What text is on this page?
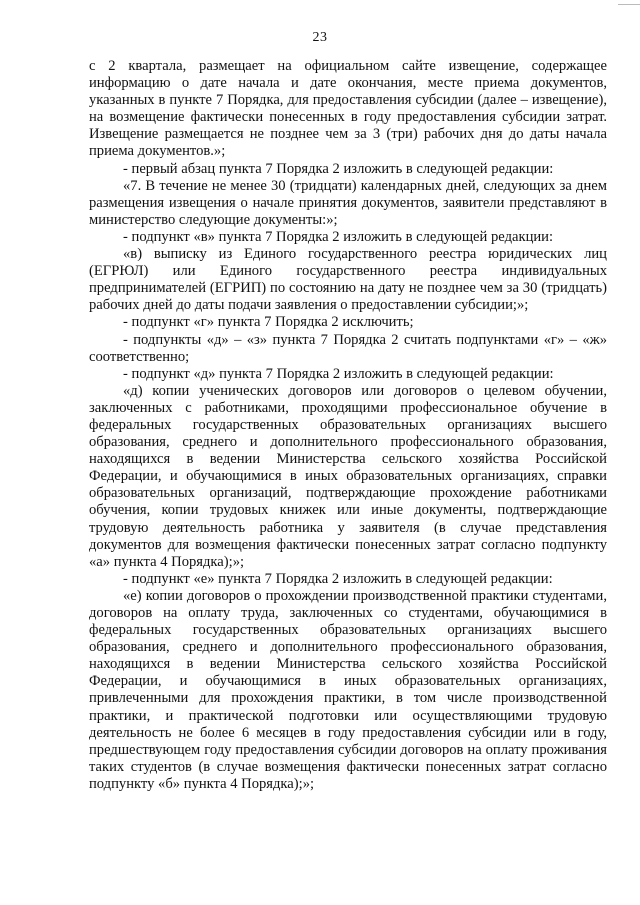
23

с 2 квартала, размещает на официальном сайте извещение, содержащее информацию о дате начала и дате окончания, месте приема документов, указанных в пункте 7 Порядка, для предоставления субсидии (далее – извещение), на возмещение фактически понесенных в году предоставления субсидии затрат. Извещение размещается не позднее чем за 3 (три) рабочих дня до даты начала приема документов.»;

- первый абзац пункта 7 Порядка 2 изложить в следующей редакции:

«7. В течение не менее 30 (тридцати) календарных дней, следующих за днем размещения извещения о начале принятия документов, заявители представляют в министерство следующие документы:»;

- подпункт «в» пункта 7 Порядка 2 изложить в следующей редакции:

«в) выписку из Единого государственного реестра юридических лиц (ЕГРЮЛ) или Единого государственного реестра индивидуальных предпринимателей (ЕГРИП) по состоянию на дату не позднее чем за 30 (тридцать) рабочих дней до даты подачи заявления о предоставлении субсидии;»;

- подпункт «г» пункта 7 Порядка 2 исключить;

- подпункты «д» – «з» пункта 7 Порядка 2 считать подпунктами «г» – «ж» соответственно;

- подпункт «д» пункта 7 Порядка 2 изложить в следующей редакции:

«д) копии ученических договоров или договоров о целевом обучении, заключенных с работниками, проходящими профессиональное обучение в федеральных государственных образовательных организациях высшего образования, среднего и дополнительного профессионального образования, находящихся в ведении Министерства сельского хозяйства Российской Федерации, и обучающимися в иных образовательных организациях, справки образовательных организаций, подтверждающие прохождение работниками обучения, копии трудовых книжек или иные документы, подтверждающие трудовую деятельность работника у заявителя (в случае представления документов для возмещения фактически понесенных затрат согласно подпункту «а» пункта 4 Порядка);»;

- подпункт «е» пункта 7 Порядка 2 изложить в следующей редакции:

«е) копии договоров о прохождении производственной практики студентами, договоров на оплату труда, заключенных со студентами, обучающимися в федеральных государственных образовательных организациях высшего образования, среднего и дополнительного профессионального образования, находящихся в ведении Министерства сельского хозяйства Российской Федерации, и обучающимися в иных образовательных организациях, привлеченными для прохождения практики, в том числе производственной практики, и практической подготовки или осуществляющими трудовую деятельность не более 6 месяцев в году предоставления субсидии или в году, предшествующем году предоставления субсидии договоров на оплату проживания таких студентов (в случае возмещения фактически понесенных затрат согласно подпункту «б» пункта 4 Порядка);»;
